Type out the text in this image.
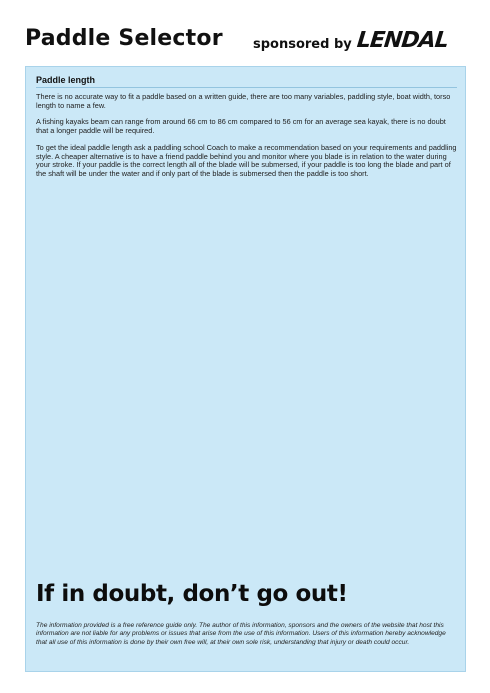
Paddle Selector sponsored by LENDAL
Paddle length

There is no accurate way to fit a paddle based on a written guide, there are too many variables, paddling style, boat width, torso length to name a few.

A fishing kayaks beam can range from around 66 cm to 86 cm compared to 56 cm for an average sea kayak, there is no doubt that a longer paddle will be required.

To get the ideal paddle length ask a paddling school Coach to make a recommendation based on your requirements and paddling style. A cheaper alternative is to have a friend paddle behind you and monitor where you blade is in relation to the water during your stroke. If your paddle is the correct length all of the blade will be submersed, if your paddle is too long the blade and part of the shaft will be under the water and if only part of the blade is submersed then the paddle is too short.

If in doubt, don’t go out!
The information provided is a free reference guide only. The author of this information, sponsors and the owners of the website that host this information are not liable for any problems or issues that arise from the use of this information. Users of this information hereby acknowledge that all use of this information is done by their own free will, at their own sole risk, understanding that injury or death could occur.
